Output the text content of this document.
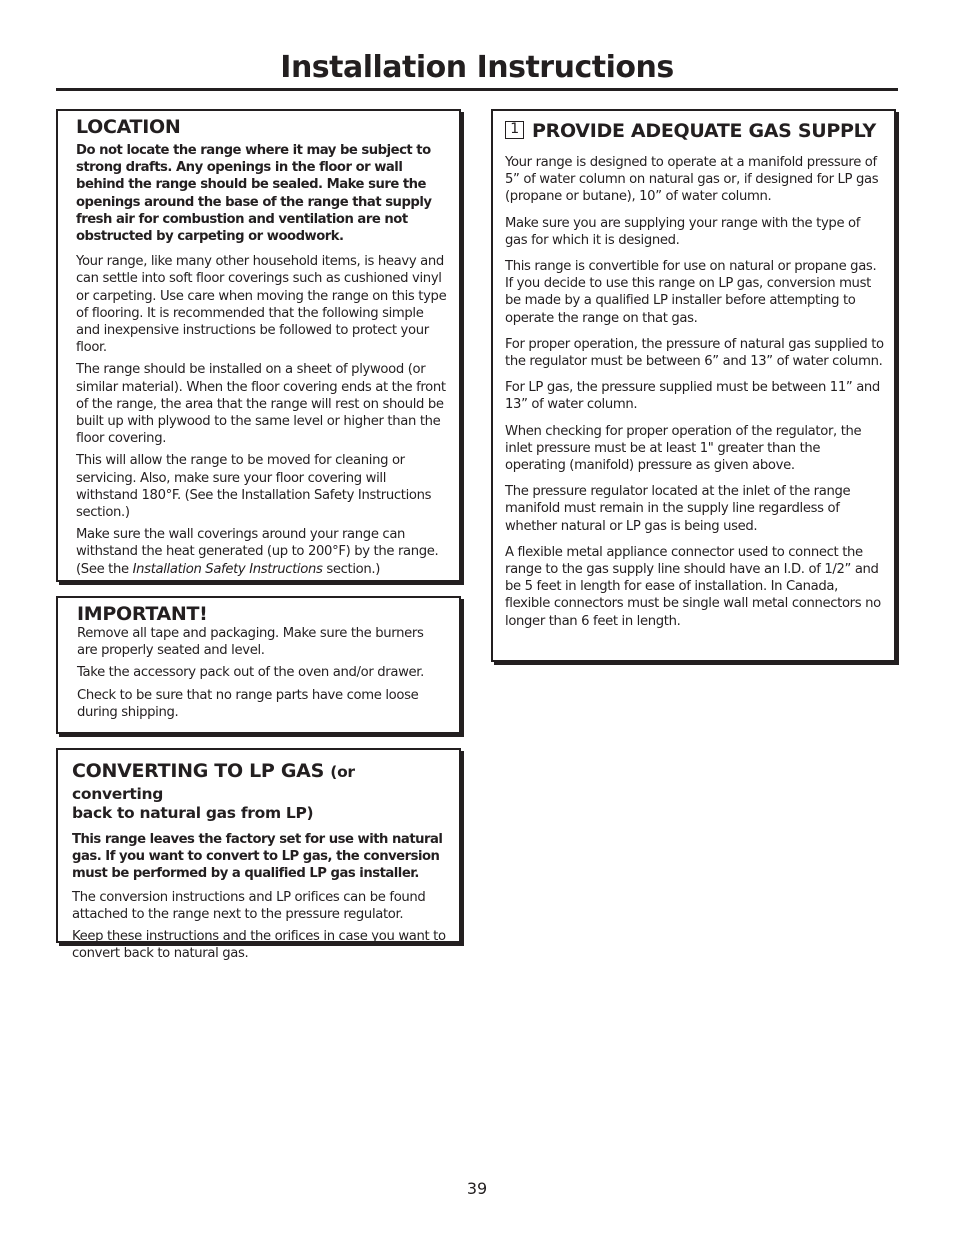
Installation Instructions
LOCATION

Do not locate the range where it may be subject to strong drafts. Any openings in the floor or wall behind the range should be sealed. Make sure the openings around the base of the range that supply fresh air for combustion and ventilation are not obstructed by carpeting or woodwork.

Your range, like many other household items, is heavy and can settle into soft floor coverings such as cushioned vinyl or carpeting. Use care when moving the range on this type of flooring. It is recommended that the following simple and inexpensive instructions be followed to protect your floor.

The range should be installed on a sheet of plywood (or similar material). When the floor covering ends at the front of the range, the area that the range will rest on should be built up with plywood to the same level or higher than the floor covering.

This will allow the range to be moved for cleaning or servicing. Also, make sure your floor covering will withstand 180°F. (See the Installation Safety Instructions section.)

Make sure the wall coverings around your range can withstand the heat generated (up to 200°F) by the range. (See the Installation Safety Instructions section.)

IMPORTANT!

Remove all tape and packaging. Make sure the burners are properly seated and level.

Take the accessory pack out of the oven and/or drawer.

Check to be sure that no range parts have come loose during shipping.

CONVERTING TO LP GAS (or converting
back to natural gas from LP)

This range leaves the factory set for use with natural gas. If you want to convert to LP gas, the conversion must be performed by a qualified LP gas installer.

The conversion instructions and LP orifices can be found attached to the range next to the pressure regulator.

Keep these instructions and the orifices in case you want to convert back to natural gas.

1 PROVIDE ADEQUATE GAS SUPPLY

Your range is designed to operate at a manifold pressure of 5” of water column on natural gas or, if designed for LP gas (propane or butane), 10” of water column.

Make sure you are supplying your range with the type of gas for which it is designed.

This range is convertible for use on natural or propane gas. If you decide to use this range on LP gas, conversion must be made by a qualified LP installer before attempting to operate the range on that gas.

For proper operation, the pressure of natural gas supplied to the regulator must be between 6” and 13” of water column.

For LP gas, the pressure supplied must be between 11” and 13” of water column.

When checking for proper operation of the regulator, the inlet pressure must be at least 1" greater than the operating (manifold) pressure as given above.

The pressure regulator located at the inlet of the range manifold must remain in the supply line regardless of whether natural or LP gas is being used.

A flexible metal appliance connector used to connect the range to the gas supply line should have an I.D. of 1/2” and be 5 feet in length for ease of installation. In Canada, flexible connectors must be single wall metal connectors no longer than 6 feet in length.

39
